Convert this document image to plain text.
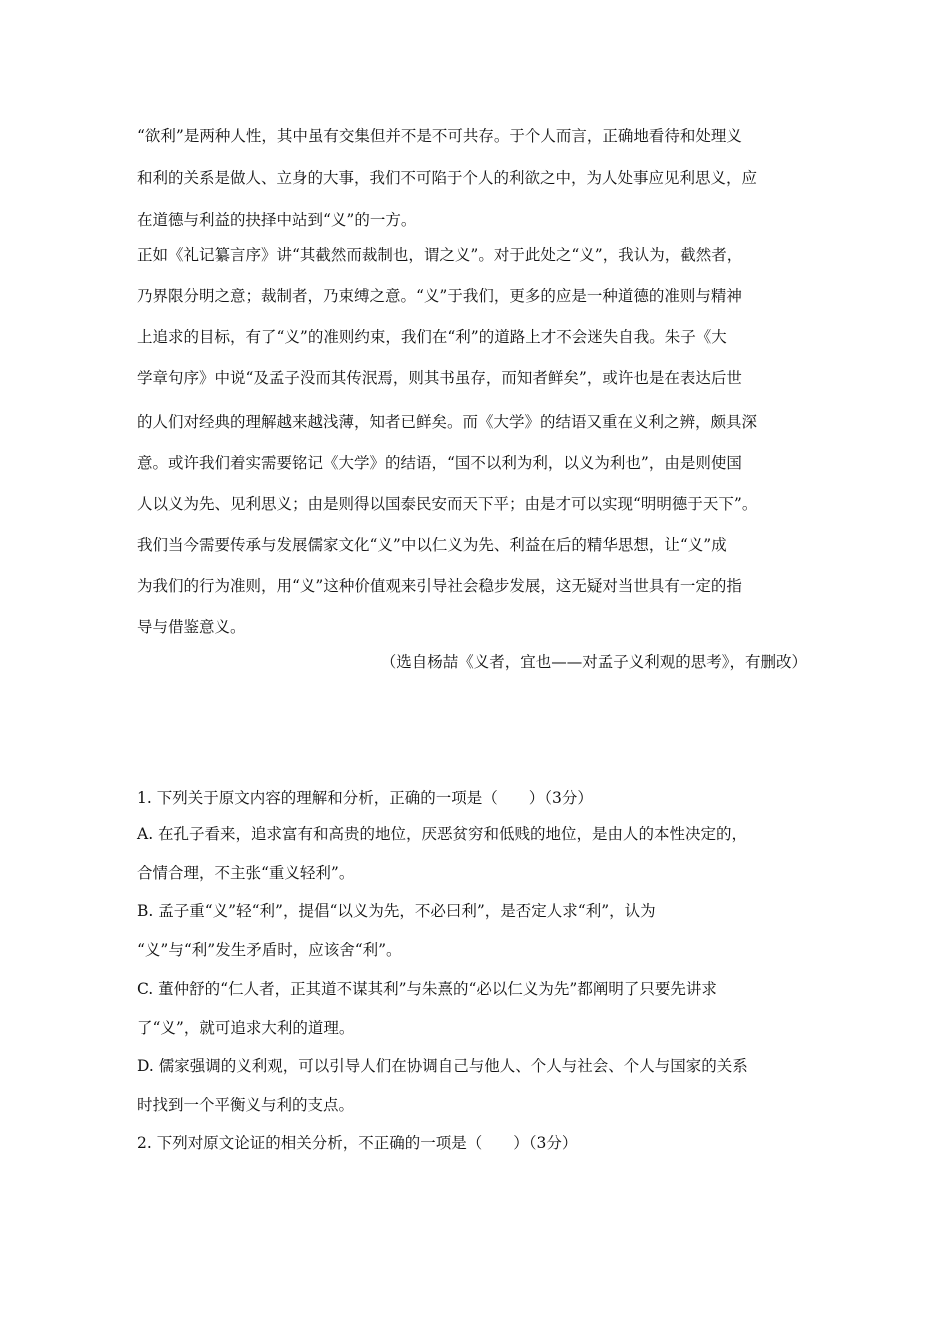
“欲利”是两种人性，其中虽有交集但并不是不可共存。于个人而言，正确地看待和处理义
和利的关系是做人、立身的大事，我们不可陷于个人的利欲之中，为人处事应见利思义，应
在道德与利益的抉择中站到“义”的一方。
正如《礼记纂言序》讲“其截然而裁制也，谓之义”。对于此处之“义”，我认为，截然者，
乃界限分明之意；裁制者，乃束缚之意。“义”于我们，更多的应是一种道德的准则与精神
上追求的目标，有了“义”的准则约束，我们在“利”的道路上才不会迷失自我。朱子《大
学章句序》中说“及孟子没而其传泯焉，则其书虽存，而知者鲜矣”，或许也是在表达后世
的人们对经典的理解越来越浅薄，知者已鲜矣。而《大学》的结语又重在义利之辨，颇具深
意。或许我们着实需要铭记《大学》的结语，“国不以利为利，以义为利也”，由是则使国
人以义为先、见利思义；由是则得以国泰民安而天下平；由是才可以实现“明明德于天下”。
我们当今需要传承与发展儒家文化“义”中以仁义为先、利益在后的精华思想，让“义”成
为我们的行为准则，用“义”这种价值观来引导社会稳步发展，这无疑对当世具有一定的指
导与借鉴意义。
（选自杨喆《义者，宜也——对孟子义利观的思考》，有删改）
1. 下列关于原文内容的理解和分析，正确的一项是（　　）（3分）
A. 在孔子看来，追求富有和高贵的地位，厌恶贫穷和低贱的地位，是由人的本性决定的，
合情合理，不主张“重义轻利”。
B. 孟子重“义”轻“利”，提倡“以义为先，不必曰利”，是否定人求“利”，认为
“义”与“利”发生矛盾时，应该舍“利”。
C. 董仲舒的“仁人者，正其道不谋其利”与朱熹的“必以仁义为先”都阐明了只要先讲求
了“义”，就可追求大利的道理。
D. 儒家强调的义利观，可以引导人们在协调自己与他人、个人与社会、个人与国家的关系
时找到一个平衡义与利的支点。
2. 下列对原文论证的相关分析，不正确的一项是（　　）（3分）
